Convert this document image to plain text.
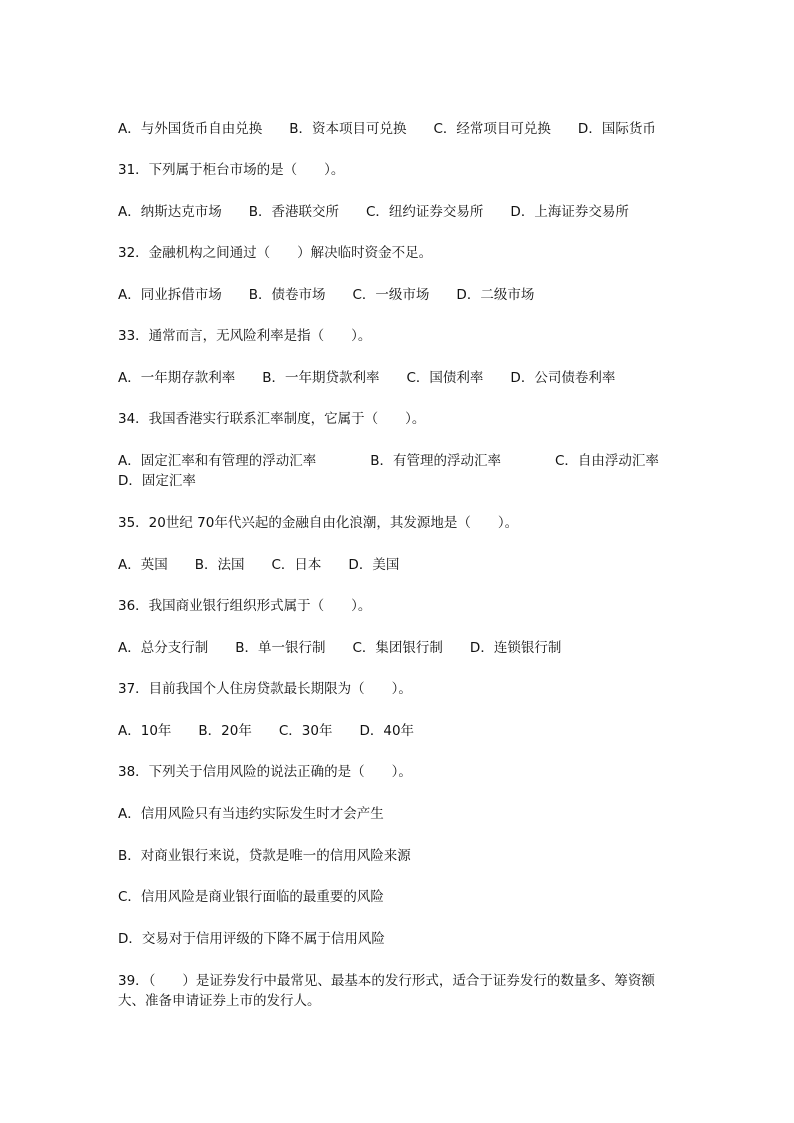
A．与外国货币自由兑换　　B．资本项目可兑换　　C．经常项目可兑换　　D．国际货币
31．下列属于柜台市场的是（　　）。
A．纳斯达克市场　　B．香港联交所　　C．纽约证券交易所　　D．上海证券交易所
32．金融机构之间通过（　　）解决临时资金不足。
A．同业拆借市场　　B．债卷市场　　C．一级市场　　D．二级市场
33．通常而言，无风险利率是指（　　）。
A．一年期存款利率　　B．一年期贷款利率　　C．国债利率　　D．公司债卷利率
34．我国香港实行联系汇率制度，它属于（　　）。
A．固定汇率和有管理的浮动汇率　　　　B．有管理的浮动汇率　　　　C．自由浮动汇率
D．固定汇率
35．20世纪 70年代兴起的金融自由化浪潮，其发源地是（　　）。
A．英国　　B．法国　　C．日本　　D．美国
36．我国商业银行组织形式属于（　　）。
A．总分支行制　　B．单一银行制　　C．集团银行制　　D．连锁银行制
37．目前我国个人住房贷款最长期限为（　　）。
A．10年　　B．20年　　C．30年　　D．40年
38．下列关于信用风险的说法正确的是（　　）。
A．信用风险只有当违约实际发生时才会产生
B．对商业银行来说，贷款是唯一的信用风险来源
C．信用风险是商业银行面临的最重要的风险
D．交易对于信用评级的下降不属于信用风险
39．（　　）是证券发行中最常见、最基本的发行形式，适合于证券发行的数量多、筹资额大、准备申请证券上市的发行人。
